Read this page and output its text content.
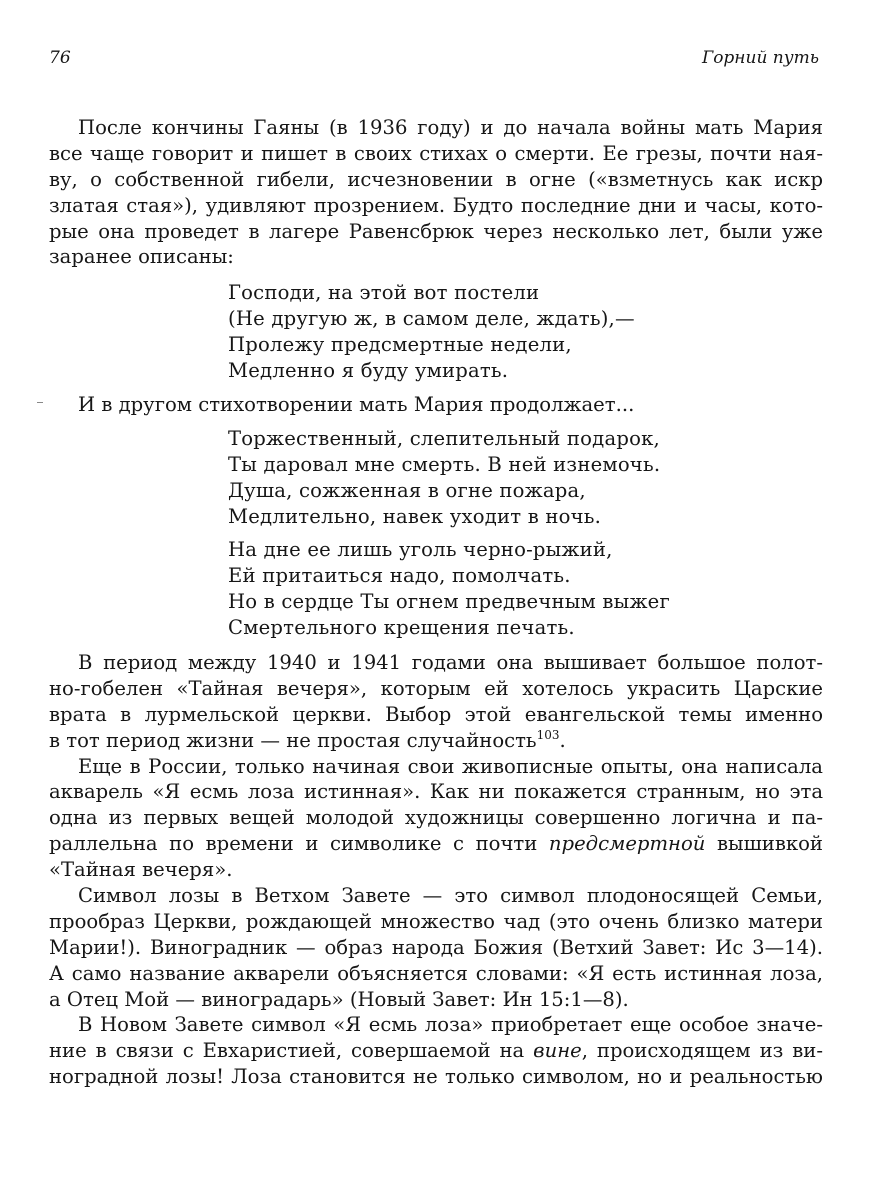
76	Горний путь
После кончины Гаяны (в 1936 году) и до начала войны мать Мария
все чаще говорит и пишет в своих стихах о смерти. Ее грезы, почти ная-
ву, о собственной гибели, исчезновении в огне («взметнусь как искр
златая стая»), удивляют прозрением. Будто последние дни и часы, кото-
рые она проведет в лагере Равенсбрюк через несколько лет, были уже
заранее описаны:
Господи, на этой вот постели
(Не другую ж, в самом деле, ждать),—
Пролежу предсмертные недели,
Медленно я буду умирать.
И в другом стихотворении мать Мария продолжает...
Торжественный, слепительный подарок,
Ты даровал мне смерть. В ней изнемочь.
Душа, сожженная в огне пожара,
Медлительно, навек уходит в ночь.
На дне ее лишь уголь черно-рыжий,
Ей притаиться надо, помолчать.
Но в сердце Ты огнем предвечным выжег
Смертельного крещения печать.
В период между 1940 и 1941 годами она вышивает большое полот-
но-гобелен «Тайная вечеря», которым ей хотелось украсить Царские
врата в лурмельской церкви. Выбор этой евангельской темы именно
в тот период жизни — не простая случайность$^{103}$.
Еще в России, только начиная свои живописные опыты, она написала
акварель «Я есмь лоза истинная». Как ни покажется странным, но эта
одна из первых вещей молодой художницы совершенно логична и па-
раллельна по времени и символике с почти предсмертной вышивкой
«Тайная вечеря».
Символ лозы в Ветхом Завете — это символ плодоносящей Семьи,
прообраз Церкви, рождающей множество чад (это очень близко матери
Марии!). Виноградник — образ народа Божия (Ветхий Завет: Ис 3—14).
А само название акварели объясняется словами: «Я есть истинная лоза,
а Отец Мой — виноградарь» (Новый Завет: Ин 15:1—8).
В Новом Завете символ «Я есмь лоза» приобретает еще особое значе-
ние в связи с Евхаристией, совершаемой на вине, происходящем из ви-
ноградной лозы! Лоза становится не только символом, но и реальностью
